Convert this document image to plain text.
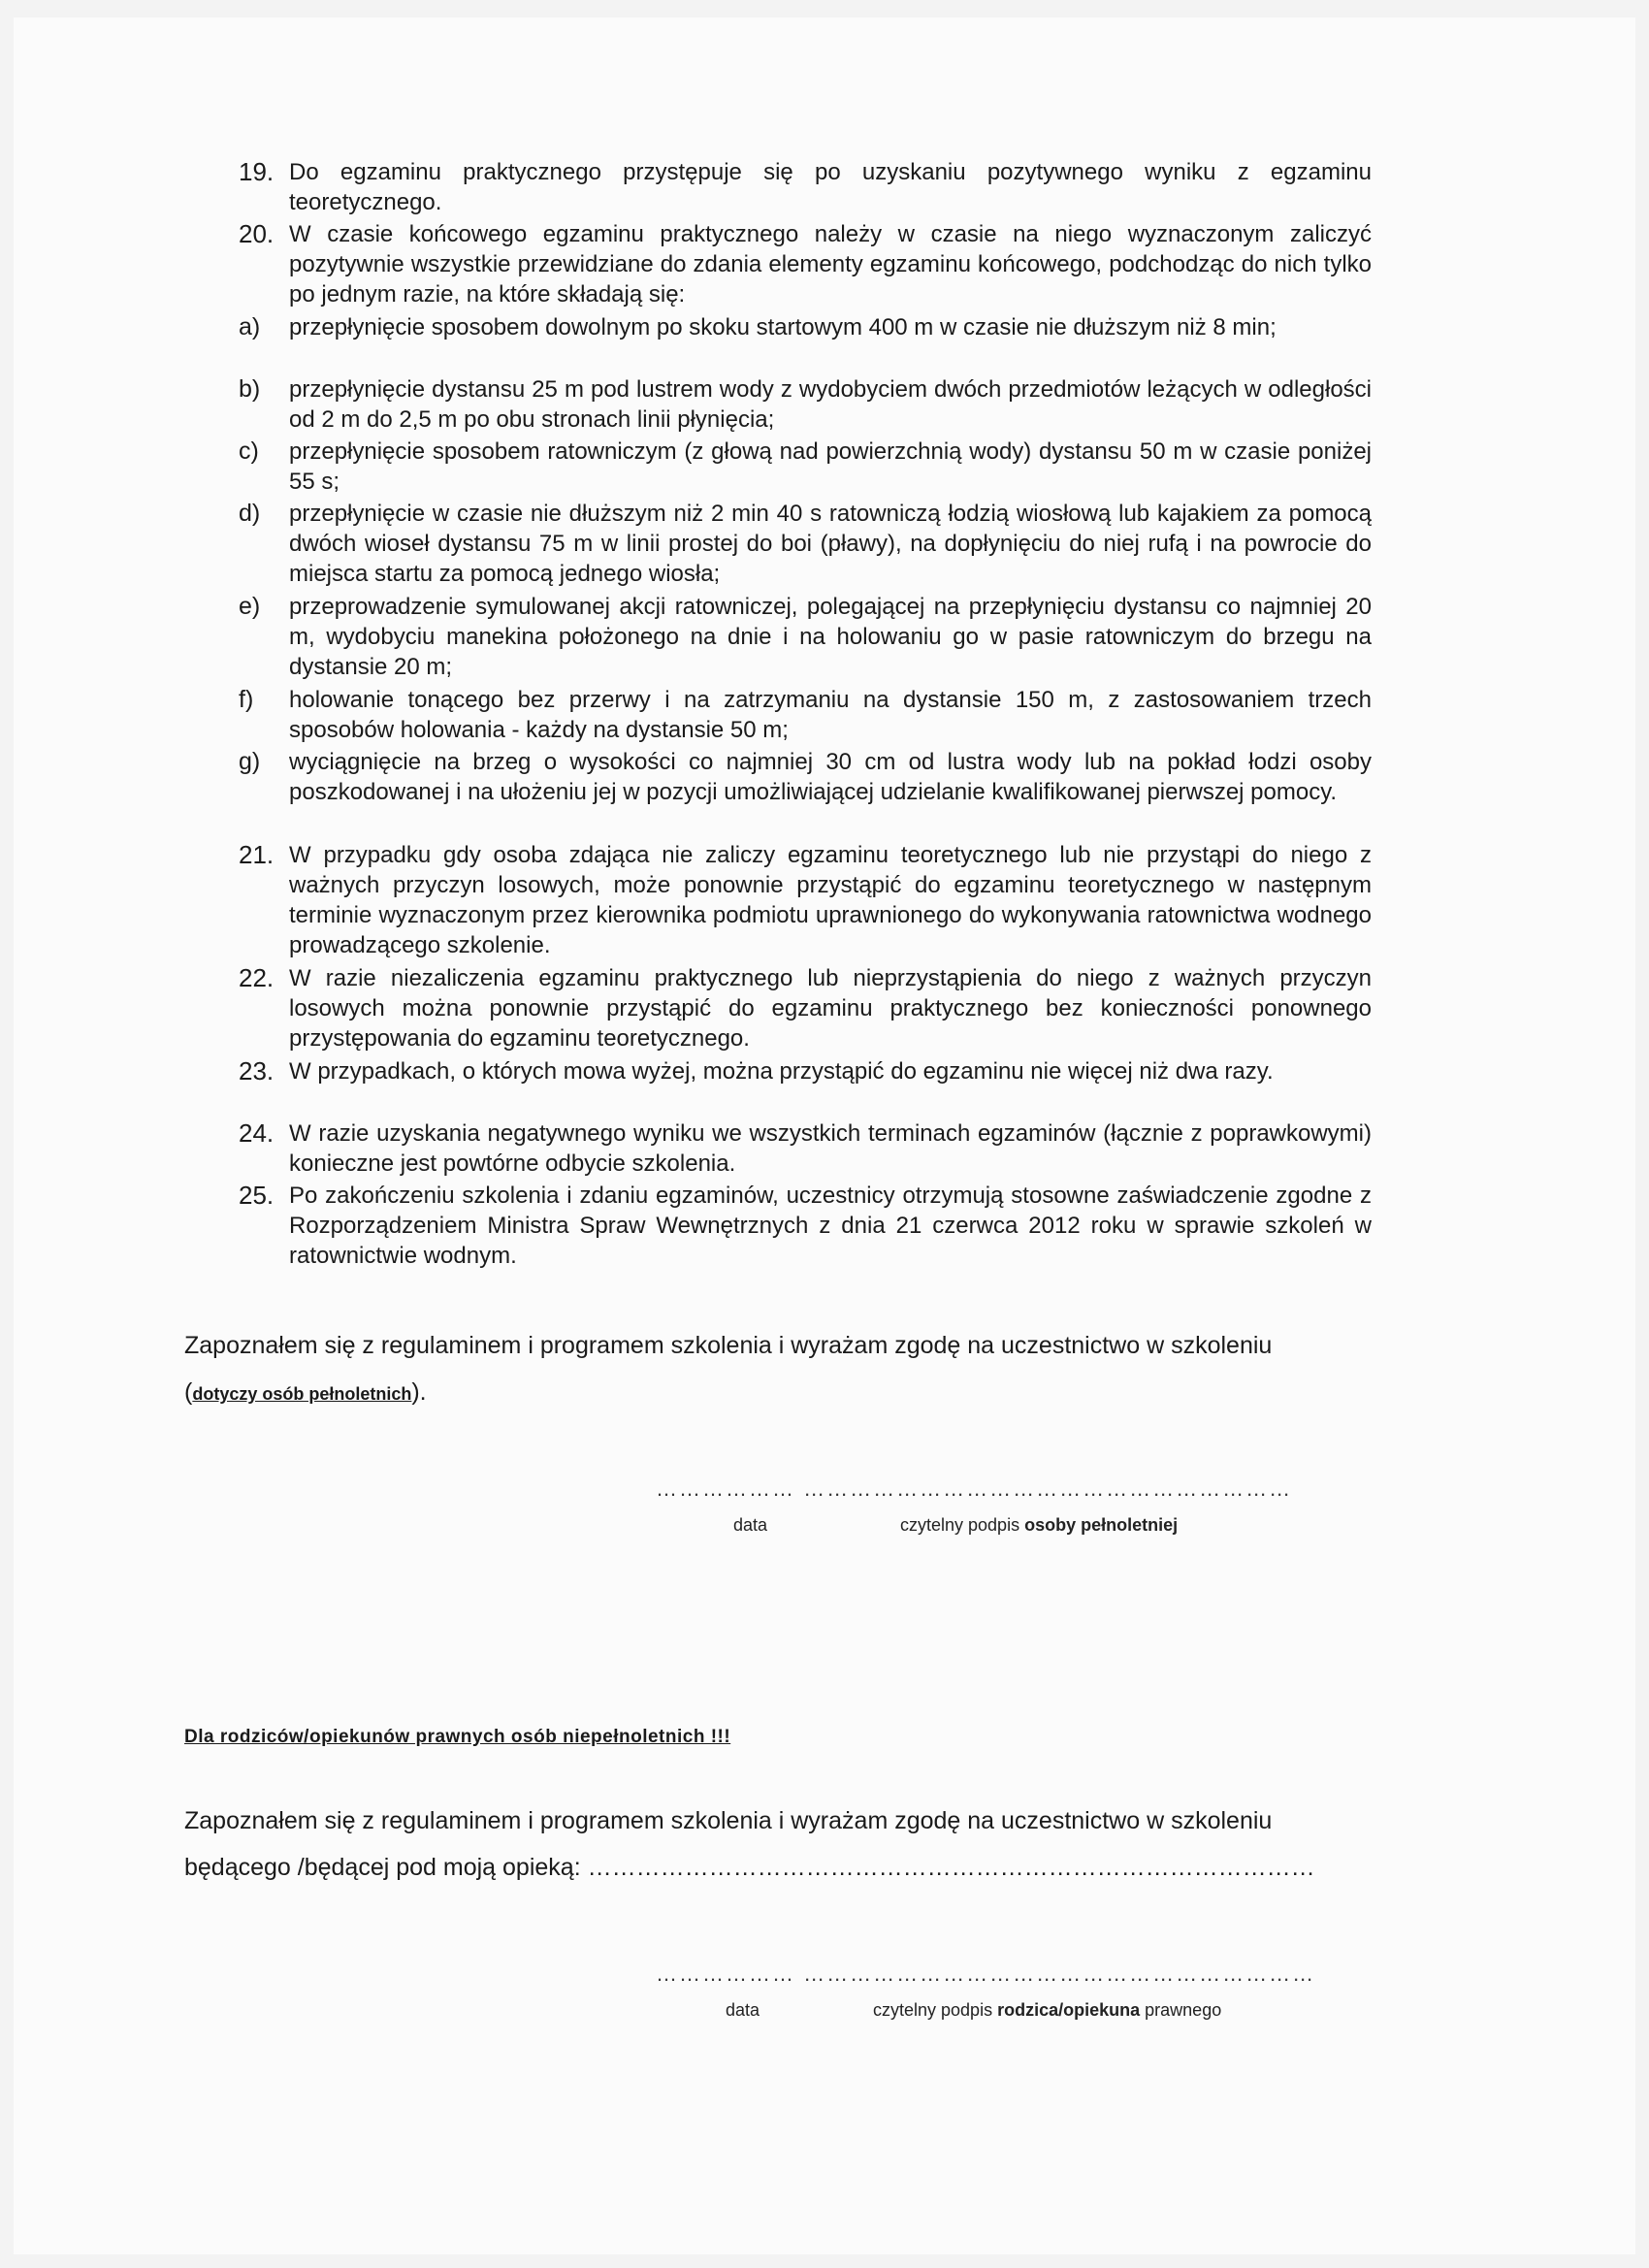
19. Do egzaminu praktycznego przystępuje się po uzyskaniu pozytywnego wyniku z egzaminu teoretycznego.
20. W czasie końcowego egzaminu praktycznego należy w czasie na niego wyznaczonym zaliczyć pozytywnie wszystkie przewidziane do zdania elementy egzaminu końcowego, podchodząc do nich tylko po jednym razie, na które składają się:
a)	przepłynięcie sposobem dowolnym po skoku startowym 400 m w czasie nie dłuższym niż 8 min;
b)	przepłynięcie dystansu 25 m pod lustrem wody z wydobyciem dwóch przedmiotów leżących w odległości od 2 m do 2,5 m po obu stronach linii płynięcia;
c)	przepłynięcie sposobem ratowniczym (z głową nad powierzchnią wody) dystansu 50 m w czasie poniżej 55 s;
d)	przepłynięcie w czasie nie dłuższym niż 2 min 40 s ratowniczą łodzią wiosłową lub kajakiem za pomocą dwóch wioseł dystansu 75 m w linii prostej do boi (pławy), na dopłynięciu do niej rufą i na powrocie do miejsca startu za pomocą jednego wiosła;
e)	przeprowadzenie symulowanej akcji ratowniczej, polegającej na przepłynięciu dystansu co najmniej 20 m, wydobyciu manekina położonego na dnie i na holowaniu go w pasie ratowniczym do brzegu na dystansie 20 m;
f)	holowanie tonącego bez przerwy i na zatrzymaniu na dystansie 150 m, z zastosowaniem trzech sposobów holowania - każdy na dystansie 50 m;
g)	wyciągnięcie na brzeg o wysokości co najmniej 30 cm od lustra wody lub na pokład łodzi osoby poszkodowanej i na ułożeniu jej w pozycji umożliwiającej udzielanie kwalifikowanej pierwszej pomocy.
21. W przypadku gdy osoba zdająca nie zaliczy egzaminu teoretycznego lub nie przystąpi do niego z ważnych przyczyn losowych, może ponownie przystąpić do egzaminu teoretycznego w następnym terminie wyznaczonym przez kierownika podmiotu uprawnionego do wykonywania ratownictwa wodnego prowadzącego szkolenie.
22. W razie niezaliczenia egzaminu praktycznego lub nieprzystąpienia do niego z ważnych przyczyn losowych można ponownie przystąpić do egzaminu praktycznego bez konieczności ponownego przystępowania do egzaminu teoretycznego.
23. W przypadkach, o których mowa wyżej, można przystąpić do egzaminu nie więcej niż dwa razy.
24. W razie uzyskania negatywnego wyniku we wszystkich terminach egzaminów (łącznie z poprawkowymi) konieczne jest powtórne odbycie szkolenia.
25. Po zakończeniu szkolenia i zdaniu egzaminów, uczestnicy otrzymują stosowne zaświadczenie zgodne z Rozporządzeniem Ministra Spraw Wewnętrznych z dnia 21 czerwca 2012 roku w sprawie szkoleń w ratownictwie wodnym.
Zapoznałem się z regulaminem i programem szkolenia i wyrażam zgodę na uczestnictwo w szkoleniu
(dotyczy osób pełnoletnich).
……………… ………………………………………………………
data	czytelny podpis osoby pełnoletniej
Dla rodziców/opiekunów prawnych osób niepełnoletnich !!!
Zapoznałem się z regulaminem i programem szkolenia i wyrażam zgodę na uczestnictwo w szkoleniu
będącego /będącej pod moją opieką: ………………………………………………………………………………
……………… …………………………………………………………
data	czytelny podpis rodzica/opiekuna prawnego
